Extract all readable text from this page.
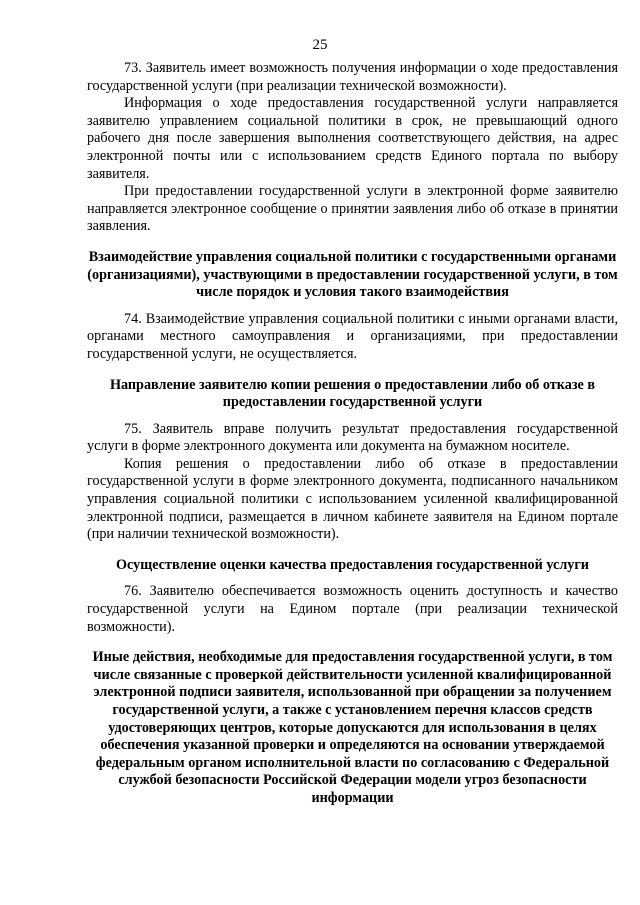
25

73. Заявитель имеет возможность получения информации о ходе предоставления государственной услуги (при реализации технической возможности).

Информация о ходе предоставления государственной услуги направляется заявителю управлением социальной политики в срок, не превышающий одного рабочего дня после завершения выполнения соответствующего действия, на адрес электронной почты или с использованием средств Единого портала по выбору заявителя.

При предоставлении государственной услуги в электронной форме заявителю направляется электронное сообщение о принятии заявления либо об отказе в принятии заявления.

Взаимодействие управления социальной политики с государственными органами (организациями), участвующими в предоставлении государственной услуги, в том числе порядок и условия такого взаимодействия

74. Взаимодействие управления социальной политики с иными органами власти, органами местного самоуправления и организациями, при предоставлении государственной услуги, не осуществляется.

Направление заявителю копии решения о предоставлении либо об отказе в предоставлении государственной услуги

75. Заявитель вправе получить результат предоставления государственной услуги в форме электронного документа или документа на бумажном носителе.

Копия решения о предоставлении либо об отказе в предоставлении государственной услуги в форме электронного документа, подписанного начальником управления социальной политики с использованием усиленной квалифицированной электронной подписи, размещается в личном кабинете заявителя на Едином портале (при наличии технической возможности).

Осуществление оценки качества предоставления государственной услуги

76. Заявителю обеспечивается возможность оценить доступность и качество государственной услуги на Едином портале (при реализации технической возможности).

Иные действия, необходимые для предоставления государственной услуги, в том числе связанные с проверкой действительности усиленной квалифицированной электронной подписи заявителя, использованной при обращении за получением государственной услуги, а также с установлением перечня классов средств удостоверяющих центров, которые допускаются для использования в целях обеспечения указанной проверки и определяются на основании утверждаемой федеральным органом исполнительной власти по согласованию с Федеральной службой безопасности Российской Федерации модели угроз безопасности информации
